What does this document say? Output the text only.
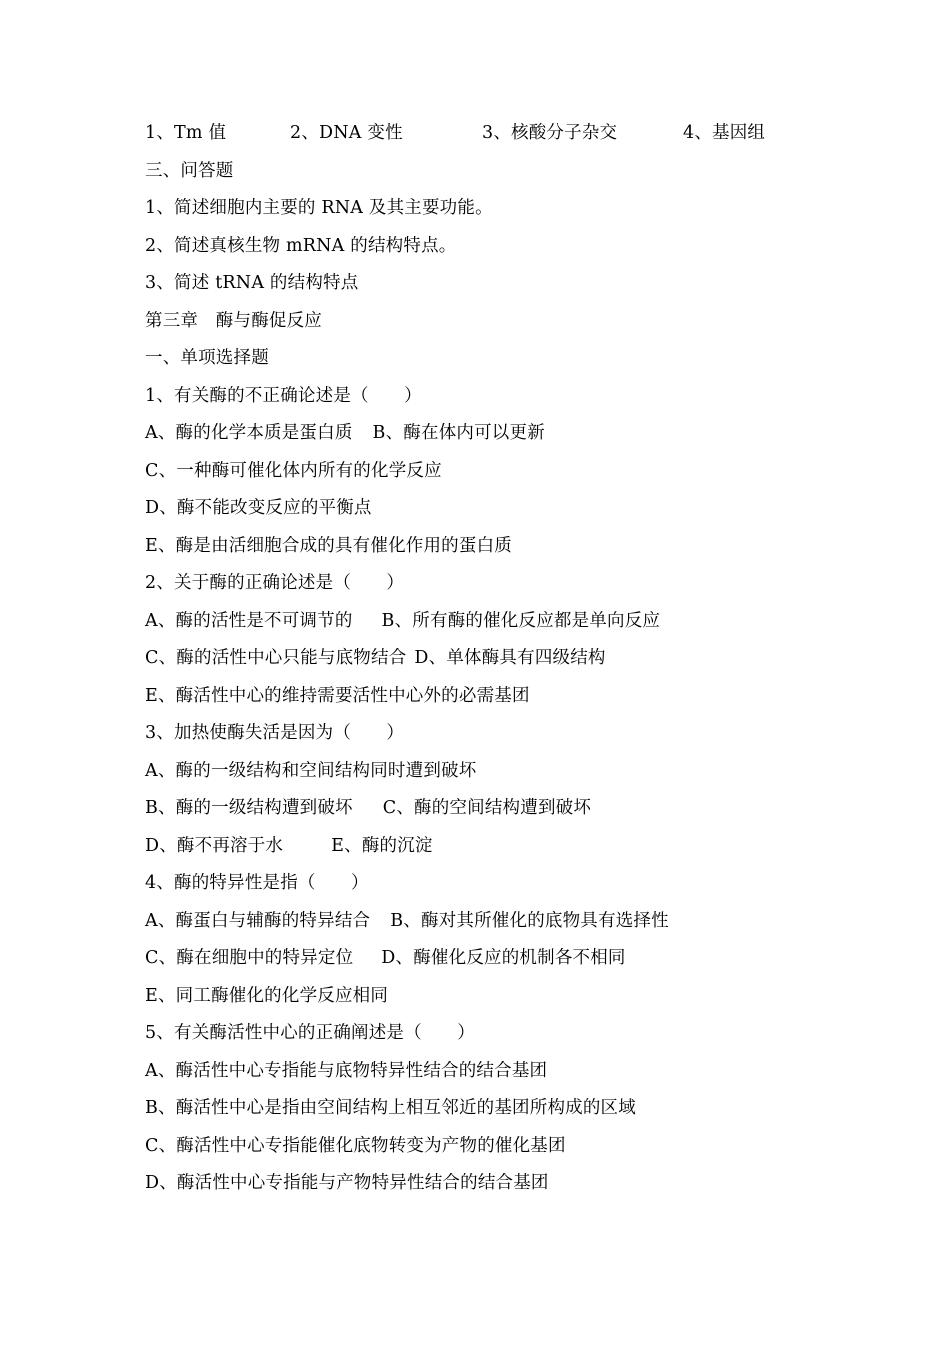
1、Tm 值	2、DNA 变性	3、核酸分子杂交	4、基因组
三、问答题
1、简述细胞内主要的 RNA 及其主要功能。
2、简述真核生物 mRNA 的结构特点。
3、简述 tRNA 的结构特点
第三章　酶与酶促反应
一、单项选择题
1、有关酶的不正确论述是（　　）
A、酶的化学本质是蛋白质 B、酶在体内可以更新
C、一种酶可催化体内所有的化学反应
D、酶不能改变反应的平衡点
E、酶是由活细胞合成的具有催化作用的蛋白质
2、关于酶的正确论述是（　　）
A、酶的活性是不可调节的 B、所有酶的催化反应都是单向反应
C、酶的活性中心只能与底物结合 D、单体酶具有四级结构
E、酶活性中心的维持需要活性中心外的必需基团
3、加热使酶失活是因为（　　）
A、酶的一级结构和空间结构同时遭到破坏
B、酶的一级结构遭到破坏 C、酶的空间结构遭到破坏
D、酶不再溶于水	E、酶的沉淀
4、酶的特异性是指（　　）
A、酶蛋白与辅酶的特异结合 B、酶对其所催化的底物具有选择性
C、酶在细胞中的特异定位 D、酶催化反应的机制各不相同
E、同工酶催化的化学反应相同
5、有关酶活性中心的正确阐述是（　　）
A、酶活性中心专指能与底物特异性结合的结合基团
B、酶活性中心是指由空间结构上相互邻近的基团所构成的区域
C、酶活性中心专指能催化底物转变为产物的催化基团
D、酶活性中心专指能与产物特异性结合的结合基团
